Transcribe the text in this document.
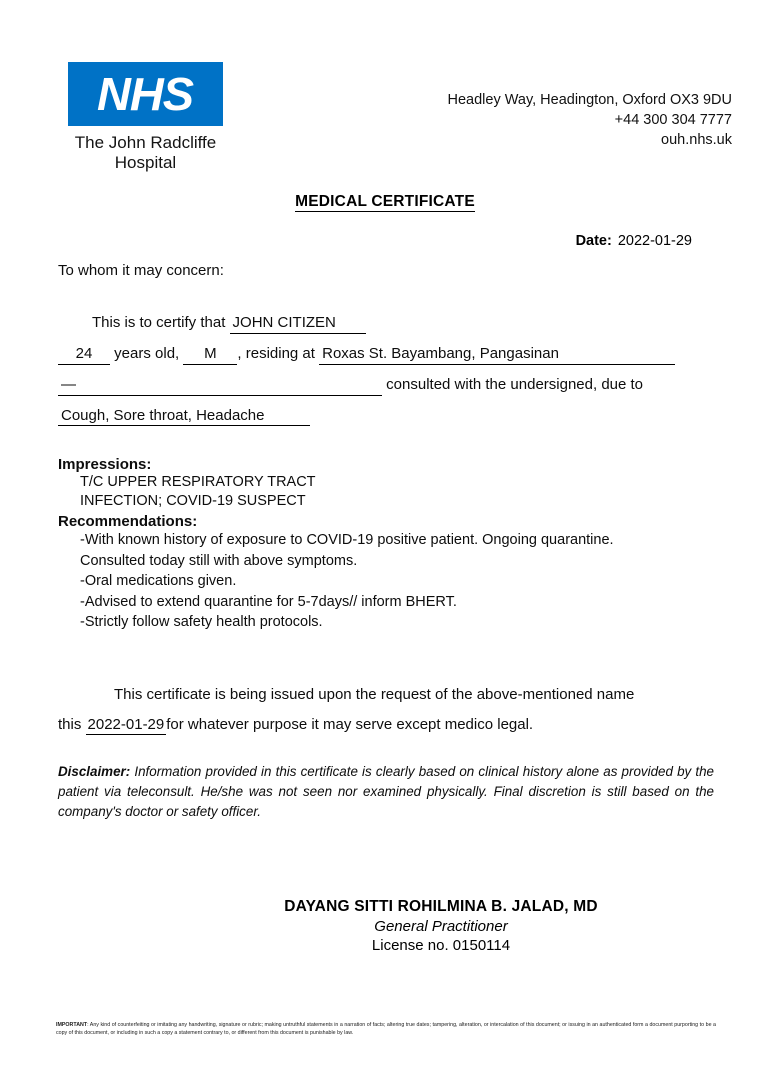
NHS
The John Radcliffe
Hospital
Headley Way, Headington, Oxford OX3 9DU
+44 300 304 7777
ouh.nhs.uk
MEDICAL CERTIFICATE
Date: 2022-01-29
To whom it may concern:
This is to certify that JOHN CITIZEN
24 years old, M , residing at Roxas St. Bayambang, Pangasinan
—	consulted with the undersigned, due to
Cough, Sore throat, Headache
Impressions:
T/C UPPER RESPIRATORY TRACT
INFECTION; COVID-19 SUSPECT
Recommendations:
-With known history of exposure to COVID-19 positive patient. Ongoing quarantine.
Consulted today still with above symptoms.
-Oral medications given.
-Advised to extend quarantine for 5-7days// inform BHERT.
-Strictly follow safety health protocols.
This certificate is being issued upon the request of the above-mentioned name
this 2022-01-29 for whatever purpose it may serve except medico legal.
Disclaimer: Information provided in this certificate is clearly based on clinical history alone as provided by the patient via teleconsult. He/she was not seen nor examined physically. Final discretion is still based on the company's doctor or safety officer.
DAYANG SITTI ROHILMINA B. JALAD, MD
General Practitioner
License no. 0150114
IMPORTANT: Any kind of counterfeiting or imitating any handwriting, signature or rubric; making untruthful statements in a narration of facts; altering true dates; tampering, alteration, or intercalation of this document; or issuing in an authenticated form a document purporting to be a copy of this document, or including in such a copy a statement contrary to, or different from this document is punishable by law.
